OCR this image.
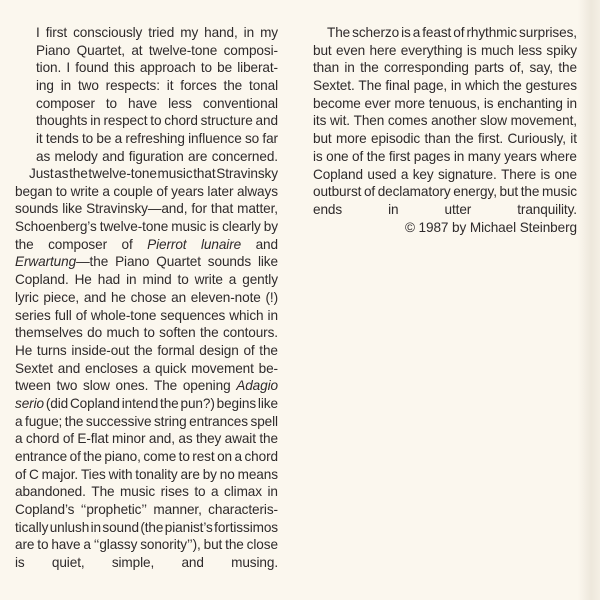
I first consciously tried my hand, in my
Piano Quartet, at twelve-tone composi-
tion. I found this approach to be liberat-
ing in two respects: it forces the tonal
composer to have less conventional
thoughts in respect to chord structure and
it tends to be a refreshing influence so far
as melody and figuration are concerned.
Just as the twelve-tone music that Stravinsky
began to write a couple of years later always
sounds like Stravinsky—and, for that matter,
Schoenberg’s twelve-tone music is clearly by
the composer of Pierrot lunaire and
Erwartung—the Piano Quartet sounds like
Copland. He had in mind to write a gently
lyric piece, and he chose an eleven-note (!)
series full of whole-tone sequences which in
themselves do much to soften the contours.
He turns inside-out the formal design of the
Sextet and encloses a quick movement be-
tween two slow ones. The opening Adagio
serio (did Copland intend the pun?) begins like
a fugue; the successive string entrances spell
a chord of E-flat minor and, as they await the
entrance of the piano, come to rest on a chord
of C major. Ties with tonality are by no means
abandoned. The music rises to a climax in
Copland’s ‘‘prophetic’’ manner, characteris-
tically unlush in sound (the pianist’s fortissimos
are to have a ‘‘glassy sonority’’), but the close
is quiet, simple, and musing.
The scherzo is a feast of rhythmic surprises,
but even here everything is much less spiky
than in the corresponding parts of, say, the
Sextet. The final page, in which the gestures
become ever more tenuous, is enchanting in
its wit. Then comes another slow movement,
but more episodic than the first. Curiously, it
is one of the first pages in many years where
Copland used a key signature. There is one
outburst of declamatory energy, but the music
ends	in	utter	tranquility.
© 1987 by Michael Steinberg
